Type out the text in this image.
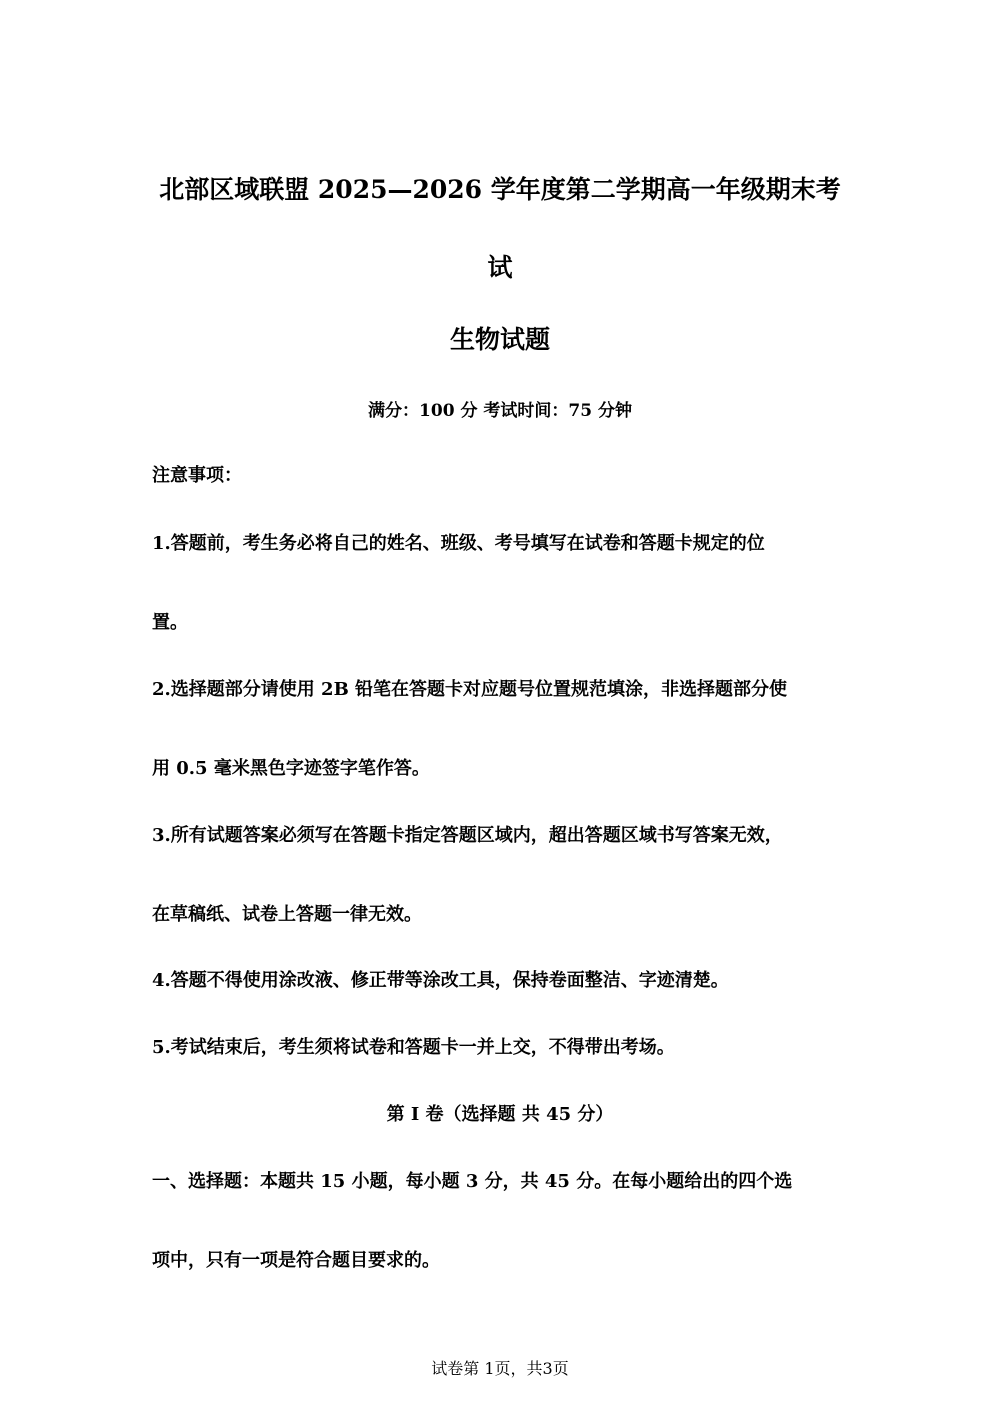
北部区域联盟 2025—2026 学年度第二学期高一年级期末考
试
生物试题
满分：100 分 考试时间：75 分钟
注意事项：
1.答题前，考生务必将自己的姓名、班级、考号填写在试卷和答题卡规定的位
置。
2.选择题部分请使用 2B 铅笔在答题卡对应题号位置规范填涂，非选择题部分使
用 0.5 毫米黑色字迹签字笔作答。
3.所有试题答案必须写在答题卡指定答题区域内，超出答题区域书写答案无效，
在草稿纸、试卷上答题一律无效。
4.答题不得使用涂改液、修正带等涂改工具，保持卷面整洁、字迹清楚。
5.考试结束后，考生须将试卷和答题卡一并上交，不得带出考场。
第 I 卷（选择题 共 45 分）
一、选择题：本题共 15 小题，每小题 3 分，共 45 分。在每小题给出的四个选
项中，只有一项是符合题目要求的。
试卷第 1页，共3页
